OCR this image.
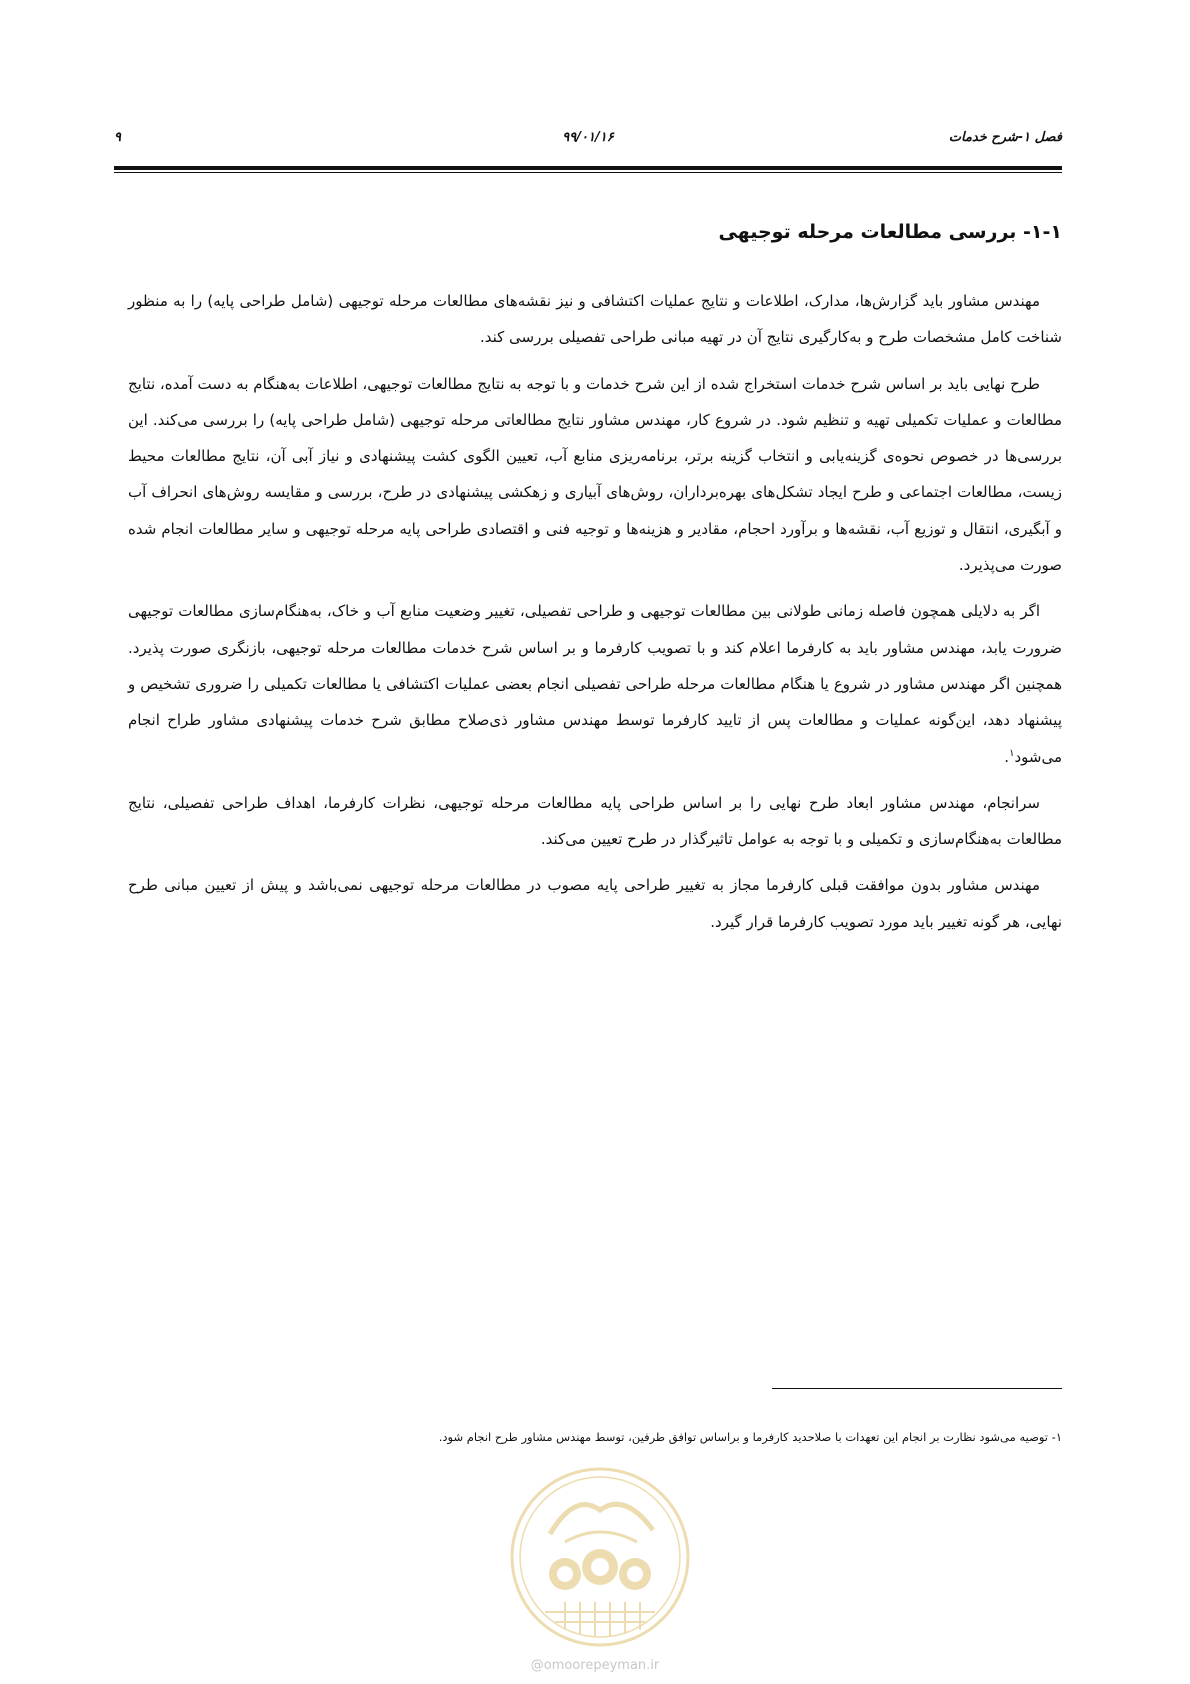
فصل ۱-شرح خدمات
۹۹/۰۱/۱۶
۹
۱-۱- بررسی مطالعات مرحله توجیهی

مهندس مشاور باید گزارش‌ها، مدارک، اطلاعات و نتایج عملیات اکتشافی و نیز نقشه‌های مطالعات مرحله توجیهی (شامل طراحی پایه) را به منظور شناخت کامل مشخصات طرح و به‌کارگیری نتایج آن در تهیه مبانی طراحی تفصیلی بررسی کند.

طرح نهایی باید بر اساس شرح خدمات استخراج شده از این شرح خدمات و با توجه به نتایج مطالعات توجیهی، اطلاعات به‌هنگام به دست آمده، نتایج مطالعات و عملیات تکمیلی تهیه و تنظیم شود. در شروع کار، مهندس مشاور نتایج مطالعاتی مرحله توجیهی (شامل طراحی پایه) را بررسی می‌کند. این بررسی‌ها در خصوص نحوه‌ی گزینه‌یابی و انتخاب گزینه برتر، برنامه‌ریزی منابع آب، تعیین الگوی کشت پیشنهادی و نیاز آبی آن، نتایج مطالعات محیط زیست، مطالعات اجتماعی و طرح ایجاد تشکل‌های بهره‌برداران، روش‌های آبیاری و زهکشی پیشنهادی در طرح، بررسی و مقایسه روش‌های انحراف آب و آبگیری، انتقال و توزیع آب، نقشه‌ها و برآورد احجام، مقادیر و هزینه‌ها و توجیه فنی و اقتصادی طراحی پایه مرحله توجیهی و سایر مطالعات انجام شده صورت می‌پذیرد.

اگر به دلایلی همچون فاصله زمانی طولانی بین مطالعات توجیهی و طراحی تفصیلی، تغییر وضعیت منابع آب و خاک، به‌هنگام‌سازی مطالعات توجیهی ضرورت یابد، مهندس مشاور باید به کارفرما اعلام کند و با تصویب کارفرما و بر اساس شرح خدمات مطالعات مرحله توجیهی، بازنگری صورت پذیرد. همچنین اگر مهندس مشاور در شروع یا هنگام مطالعات مرحله طراحی تفصیلی انجام بعضی عملیات اکتشافی یا مطالعات تکمیلی را ضروری تشخیص و پیشنهاد دهد، این‌گونه عملیات و مطالعات پس از تایید کارفرما توسط مهندس مشاور ذی‌صلاح مطابق شرح خدمات پیشنهادی مشاور طراح انجام می‌شود$^۱$.

سرانجام، مهندس مشاور ابعاد طرح نهایی را بر اساس طراحی پایه مطالعات مرحله توجیهی، نظرات کارفرما، اهداف طراحی تفصیلی، نتایج مطالعات به‌هنگام‌سازی و تکمیلی و با توجه به عوامل تاثیرگذار در طرح تعیین می‌کند.

مهندس مشاور بدون موافقت قبلی کارفرما مجاز به تغییر طراحی پایه مصوب در مطالعات مرحله توجیهی نمی‌باشد و پیش از تعیین مبانی طرح نهایی، هر گونه تغییر باید مورد تصویب کارفرما قرار گیرد.

۱- توصیه می‌شود نظارت بر انجام این تعهدات با صلاحدید کارفرما و براساس توافق طرفین، توسط مهندس مشاور طرح انجام شود.

@omoorepeyman.ir
